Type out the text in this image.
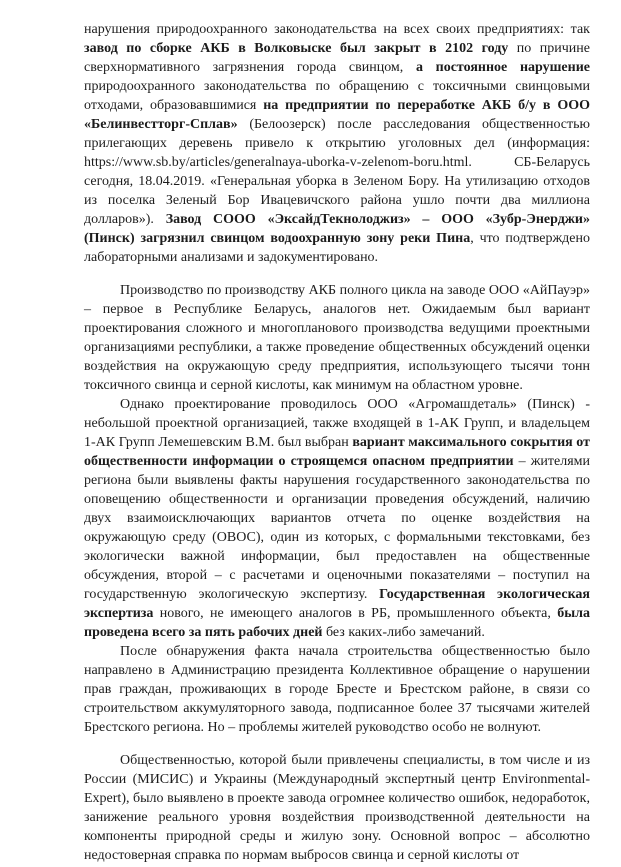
нарушения природоохранного законодательства на всех своих предприятиях: так завод по сборке АКБ в Волковыске был закрыт в 2102 году по причине сверхнормативного загрязнения города свинцом, а постоянное нарушение природоохранного законодательства по обращению с токсичными свинцовыми отходами, образовавшимися на предприятии по переработке АКБ б/у в ООО «Белинвестторг-Сплав» (Белоозерск) после расследования общественностью прилегающих деревень привело к открытию уголовных дел (информация: https://www.sb.by/articles/generalnaya-uborka-v-zelenom-boru.html. СБ-Беларусь сегодня, 18.04.2019. «Генеральная уборка в Зеленом Бору. На утилизацию отходов из поселка Зеленый Бор Ивацевичского района ушло почти два миллиона долларов»). Завод СООО «ЭксайдТекнолоджиз» – ООО «Зубр-Энерджи» (Пинск) загрязнил свинцом водоохранную зону реки Пина, что подтверждено лабораторными анализами и задокументировано.

Производство по производству АКБ полного цикла на заводе ООО «АйПауэр» – первое в Республике Беларусь, аналогов нет. Ожидаемым был вариант проектирования сложного и многопланового производства ведущими проектными организациями республики, а также проведение общественных обсуждений оценки воздействия на окружающую среду предприятия, использующего тысячи тонн токсичного свинца и серной кислоты, как минимум на областном уровне.

Однако проектирование проводилось ООО «Агромашдеталь» (Пинск) - небольшой проектной организацией, также входящей в 1-АК Групп, и владельцем 1-АК Групп Лемешевским В.М. был выбран вариант максимального сокрытия от общественности информации о строящемся опасном предприятии – жителями региона были выявлены факты нарушения государственного законодательства по оповещению общественности и организации проведения обсуждений, наличию двух взаимоисключающих вариантов отчета по оценке воздействия на окружающую среду (ОВОС), один из которых, с формальными текстовками, без экологически важной информации, был предоставлен на общественные обсуждения, второй – с расчетами и оценочными показателями – поступил на государственную экологическую экспертизу. Государственная экологическая экспертиза нового, не имеющего аналогов в РБ, промышленного объекта, была проведена всего за пять рабочих дней без каких-либо замечаний.

После обнаружения факта начала строительства общественностью было направлено в Администрацию президента Коллективное обращение о нарушении прав граждан, проживающих в городе Бресте и Брестском районе, в связи со строительством аккумуляторного завода, подписанное более 37 тысячами жителей Брестского региона. Но – проблемы жителей руководство особо не волнуют.

Общественностью, которой были привлечены специалисты, в том числе и из России (МИСИС) и Украины (Международный экспертный центр Environmental-Expert), было выявлено в проекте завода огромнее количество ошибок, недоработок, занижение реального уровня воздействия производственной деятельности на компоненты природной среды и жилую зону. Основной вопрос – абсолютно недостоверная справка по нормам выбросов свинца и серной кислоты от
